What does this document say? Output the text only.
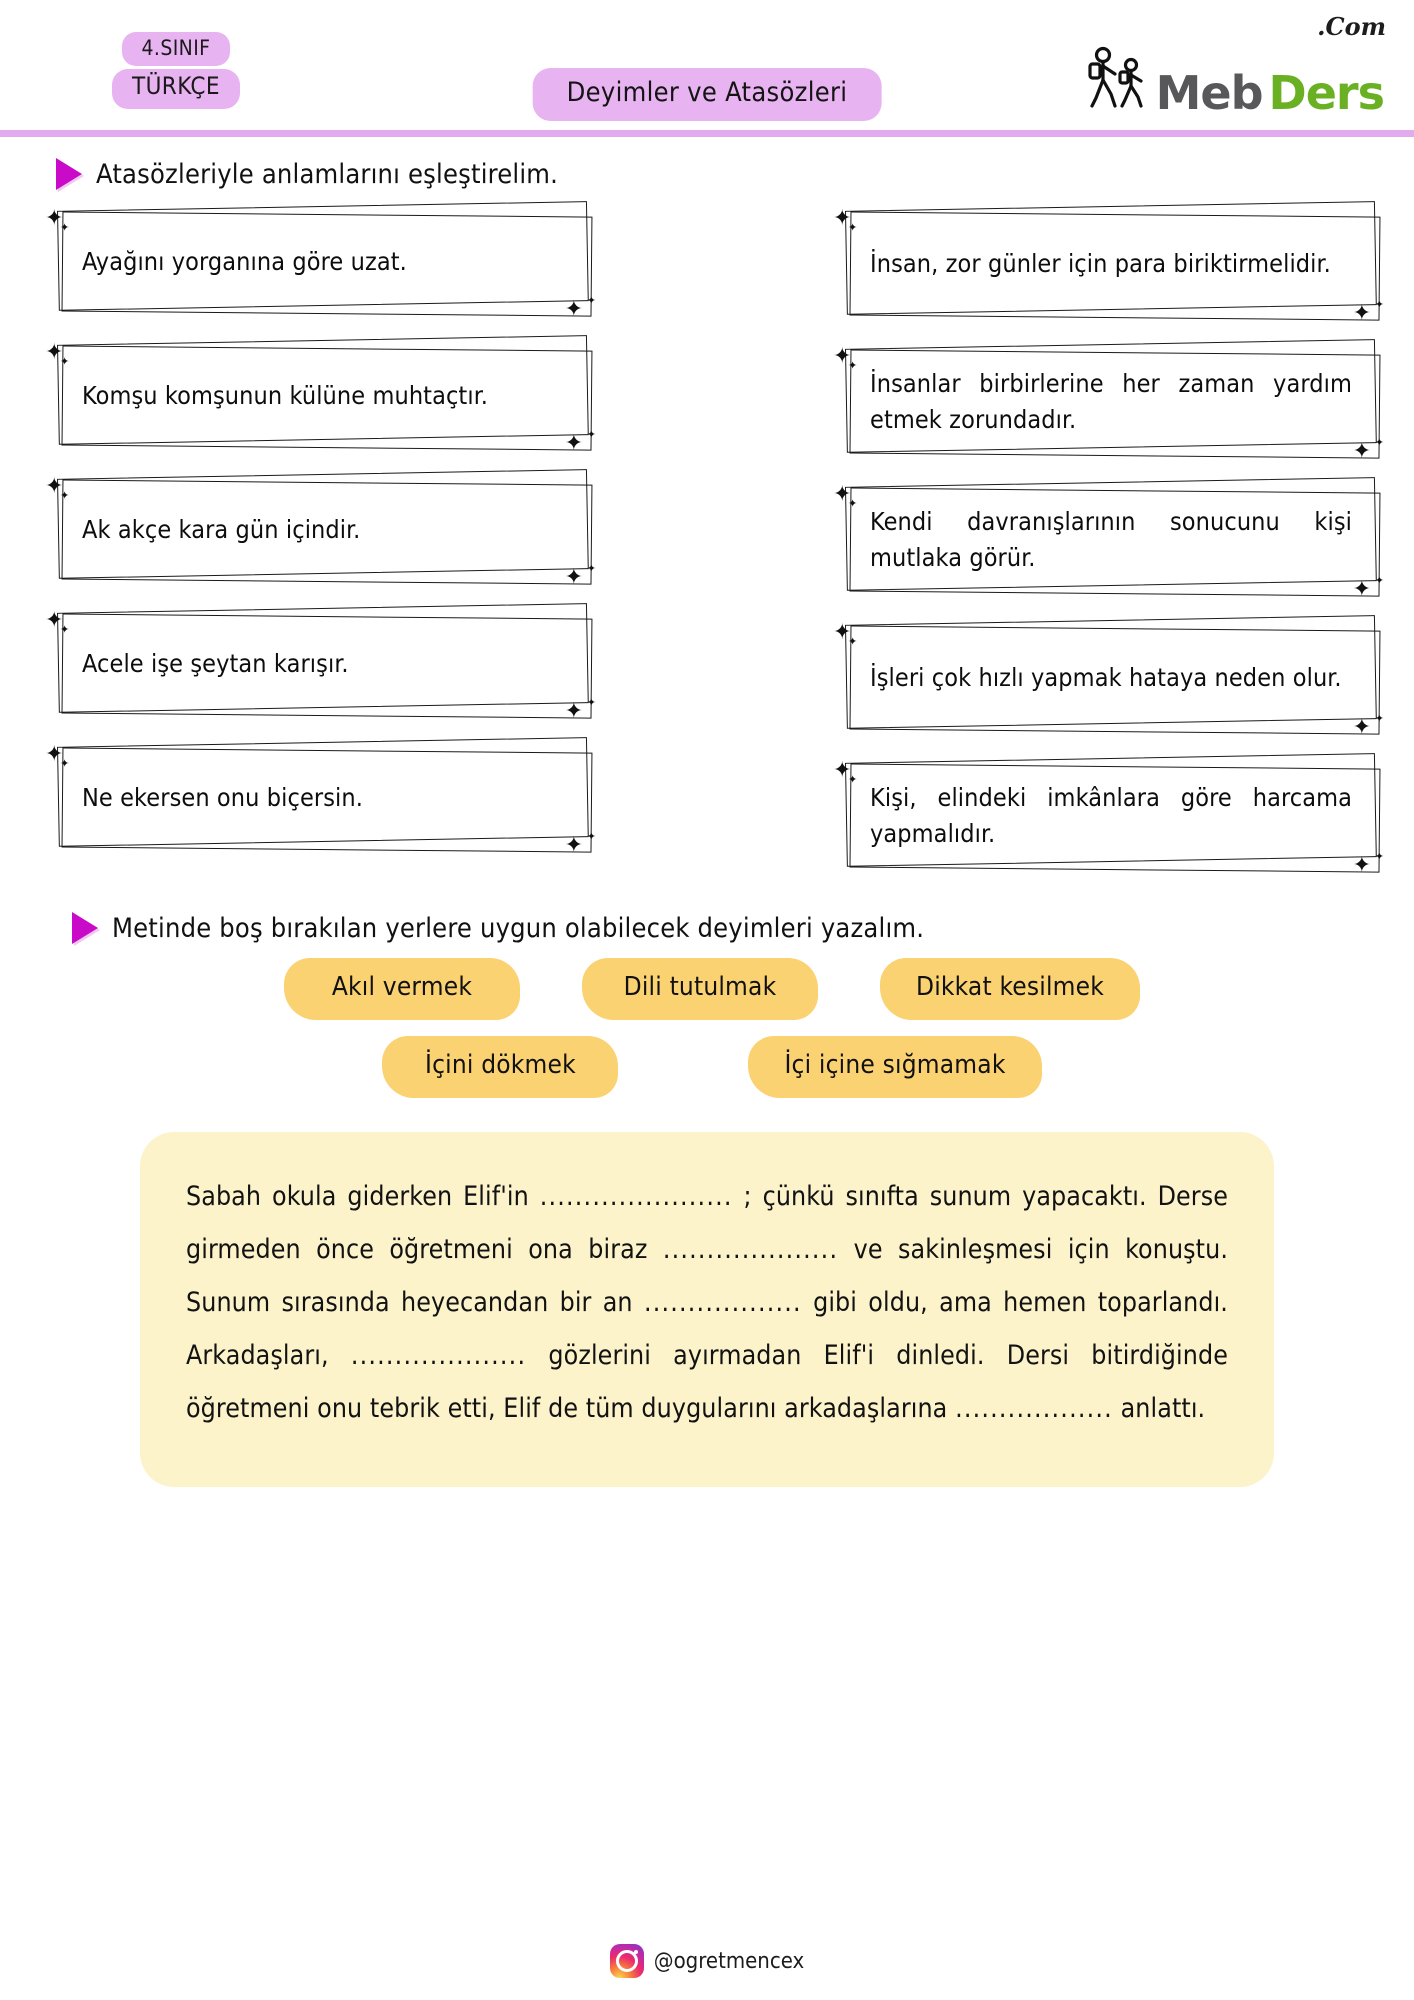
4.SINIF
TÜRKÇE	Deyimler ve Atasözleri	Meb Ders
.Com
Atasözleriyle anlamlarını eşleştirelim.
✦
✦
✦ ✦
Ayağını yorganına göre uzat.
✦
✦
✦ ✦
Komşu komşunun külüne muhtaçtır.
✦
✦
✦ ✦
Ak akçe kara gün içindir.
✦
✦
✦ ✦
Acele işe şeytan karışır.
✦
✦
✦ ✦
Ne ekersen onu biçersin.
✦
✦
✦ ✦
İnsan, zor günler için para biriktirmelidir.
✦
✦
✦ ✦
İnsanlar birbirlerine her zaman yardım etmek zorundadır.
✦
✦
✦ ✦
Kendi davranışlarının sonucunu kişi mutlaka görür.
✦
✦
✦ ✦
İşleri çok hızlı yapmak hataya neden olur.
✦
✦
✦ ✦
Kişi, elindeki imkânlara göre harcama yapmalıdır.
Metinde boş bırakılan yerlere uygun olabilecek deyimleri yazalım.
Akıl vermek	Dili tutulmak	Dikkat kesilmek
İçini dökmek	İçi içine sığmamak
Sabah okula giderken Elif'in ...................... ; çünkü sınıfta sunum yapacaktı. Derse girmeden önce öğretmeni ona biraz .................... ve sakinleşmesi için konuştu. Sunum sırasında heyecandan bir an .................. gibi oldu, ama hemen toparlandı. Arkadaşları, .................... gözlerini ayırmadan Elif'i dinledi. Dersi bitirdiğinde öğretmeni onu tebrik etti, Elif de tüm duygularını arkadaşlarına .................. anlattı.
@ogretmencex
